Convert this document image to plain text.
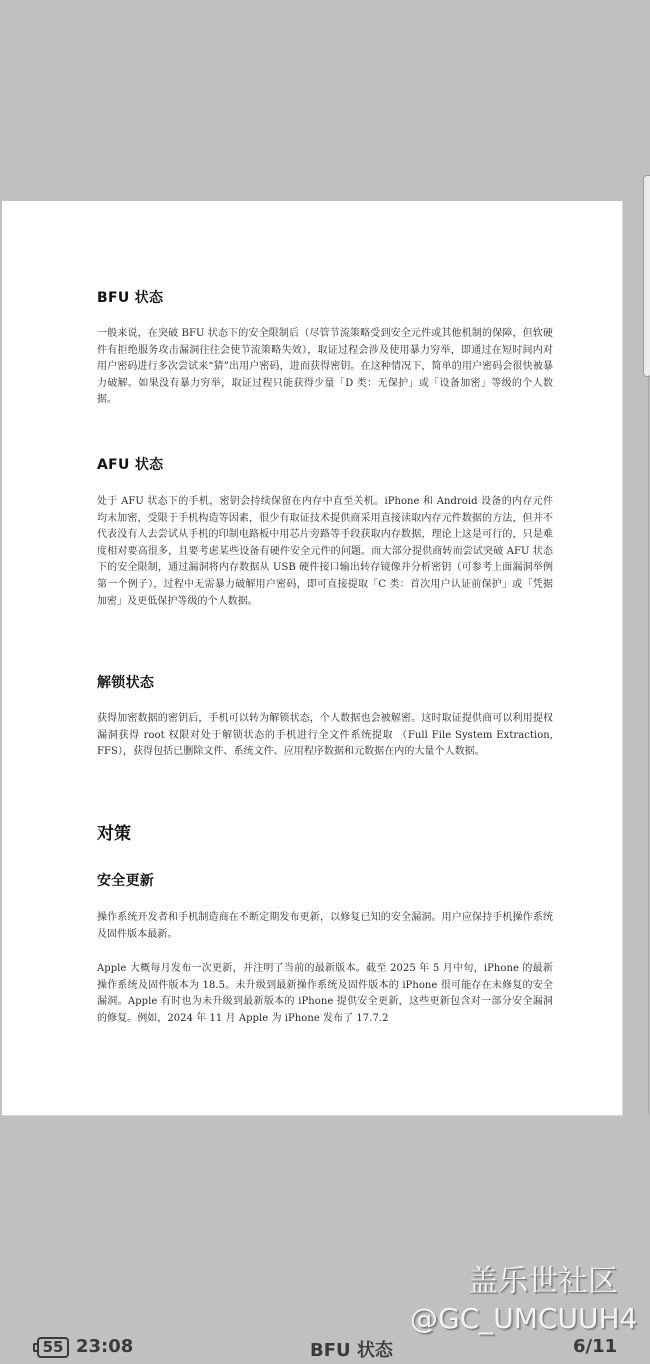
BFU 状态

一般来说，在突破 BFU 状态下的安全限制后（尽管节流策略受到安全元件或其他机制的保障，但软硬件有拒绝服务攻击漏洞往往会使节流策略失效），取证过程会涉及使用暴力穷举，即通过在短时间内对用户密码进行多次尝试来“猜”出用户密码，进而获得密钥。在这种情况下，简单的用户密码会很快被暴力破解。如果没有暴力穷举，取证过程只能获得少量「D 类：无保护」或「设备加密」等级的个人数据。

AFU 状态

处于 AFU 状态下的手机，密钥会持续保留在内存中直至关机。iPhone 和 Android 设备的内存元件均未加密，受限于手机构造等因素，很少有取证技术提供商采用直接读取内存元件数据的方法，但并不代表没有人去尝试从手机的印制电路板中用芯片旁路等手段获取内存数据，理论上这是可行的，只是难度相对要高很多，且要考虑某些设备有硬件安全元件的问题。而大部分提供商转而尝试突破 AFU 状态下的安全限制，通过漏洞将内存数据从 USB 硬件接口输出转存镜像并分析密钥（可参考上面漏洞举例第一个例子），过程中无需暴力破解用户密码，即可直接提取「C 类：首次用户认证前保护」或「凭据加密」及更低保护等级的个人数据。

解锁状态

获得加密数据的密钥后，手机可以转为解锁状态，个人数据也会被解密。这时取证提供商可以利用提权漏洞获得 root 权限对处于解锁状态的手机进行全文件系统提取 （Full File System Extraction, FFS），获得包括已删除文件、系统文件、应用程序数据和元数据在内的大量个人数据。

对策
安全更新

操作系统开发者和手机制造商在不断定期发布更新，以修复已知的安全漏洞。用户应保持手机操作系统及固件版本最新。

Apple 大概每月发布一次更新，并注明了当前的最新版本。截至 2025 年 5 月中旬，iPhone 的最新操作系统及固件版本为 18.5。未升级到最新操作系统及固件版本的 iPhone 很可能存在未修复的安全漏洞。Apple 有时也为未升级到最新版本的 iPhone 提供安全更新，这些更新包含对一部分安全漏洞的修复。例如，2024 年 11 月 Apple 为 iPhone 发布了 17.7.2

盖乐世社区
@GC_UMCUUH4
55 23:08	BFU 状态	6/11
